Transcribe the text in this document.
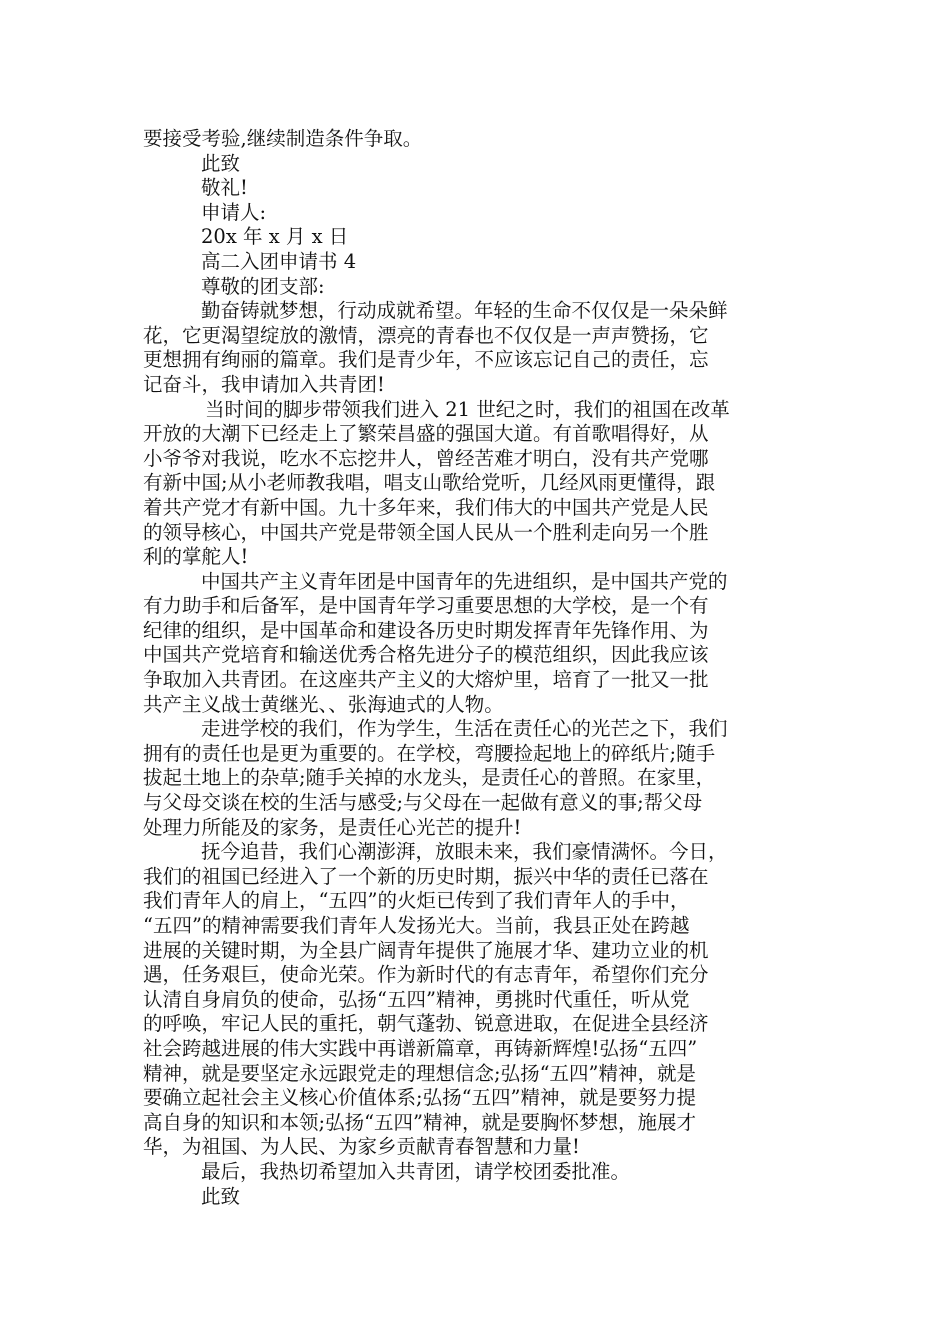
要接受考验,继续制造条件争取。
此致
敬礼!
申请人:
20x 年 x 月 x 日
高二入团申请书 4
尊敬的团支部:
勤奋铸就梦想，行动成就希望。年轻的生命不仅仅是一朵朵鲜
花，它更渴望绽放的激情，漂亮的青春也不仅仅是一声声赞扬，它
更想拥有绚丽的篇章。我们是青少年，不应该忘记自己的责任，忘
记奋斗，我申请加入共青团!
当时间的脚步带领我们进入 21 世纪之时，我们的祖国在改革
开放的大潮下已经走上了繁荣昌盛的强国大道。有首歌唱得好，从
小爷爷对我说，吃水不忘挖井人，曾经苦难才明白，没有共产党哪
有新中国;从小老师教我唱，唱支山歌给党听，几经风雨更懂得，跟
着共产党才有新中国。九十多年来，我们伟大的中国共产党是人民
的领导核心，中国共产党是带领全国人民从一个胜利走向另一个胜
利的掌舵人!
中国共产主义青年团是中国青年的先进组织，是中国共产党的
有力助手和后备军，是中国青年学习重要思想的大学校，是一个有
纪律的组织，是中国革命和建设各历史时期发挥青年先锋作用、为
中国共产党培育和输送优秀合格先进分子的模范组织，因此我应该
争取加入共青团。在这座共产主义的大熔炉里，培育了一批又一批
共产主义战士黄继光、、张海迪式的人物。
走进学校的我们，作为学生，生活在责任心的光芒之下，我们
拥有的责任也是更为重要的。在学校，弯腰捡起地上的碎纸片;随手
拔起土地上的杂草;随手关掉的水龙头，是责任心的普照。在家里，
与父母交谈在校的生活与感受;与父母在一起做有意义的事;帮父母
处理力所能及的家务，是责任心光芒的提升!
抚今追昔，我们心潮澎湃，放眼未来，我们豪情满怀。今日，
我们的祖国已经进入了一个新的历史时期，振兴中华的责任已落在
我们青年人的肩上，“五四”的火炬已传到了我们青年人的手中，
“五四”的精神需要我们青年人发扬光大。当前，我县正处在跨越
进展的关键时期，为全县广阔青年提供了施展才华、建功立业的机
遇，任务艰巨，使命光荣。作为新时代的有志青年，希望你们充分
认清自身肩负的使命，弘扬“五四”精神，勇挑时代重任，听从党
的呼唤，牢记人民的重托，朝气蓬勃、锐意进取，在促进全县经济
社会跨越进展的伟大实践中再谱新篇章，再铸新辉煌!弘扬“五四”
精神，就是要坚定永远跟党走的理想信念;弘扬“五四”精神，就是
要确立起社会主义核心价值体系;弘扬“五四”精神，就是要努力提
高自身的知识和本领;弘扬“五四”精神，就是要胸怀梦想，施展才
华，为祖国、为人民、为家乡贡献青春智慧和力量!
最后，我热切希望加入共青团，请学校团委批准。
此致
